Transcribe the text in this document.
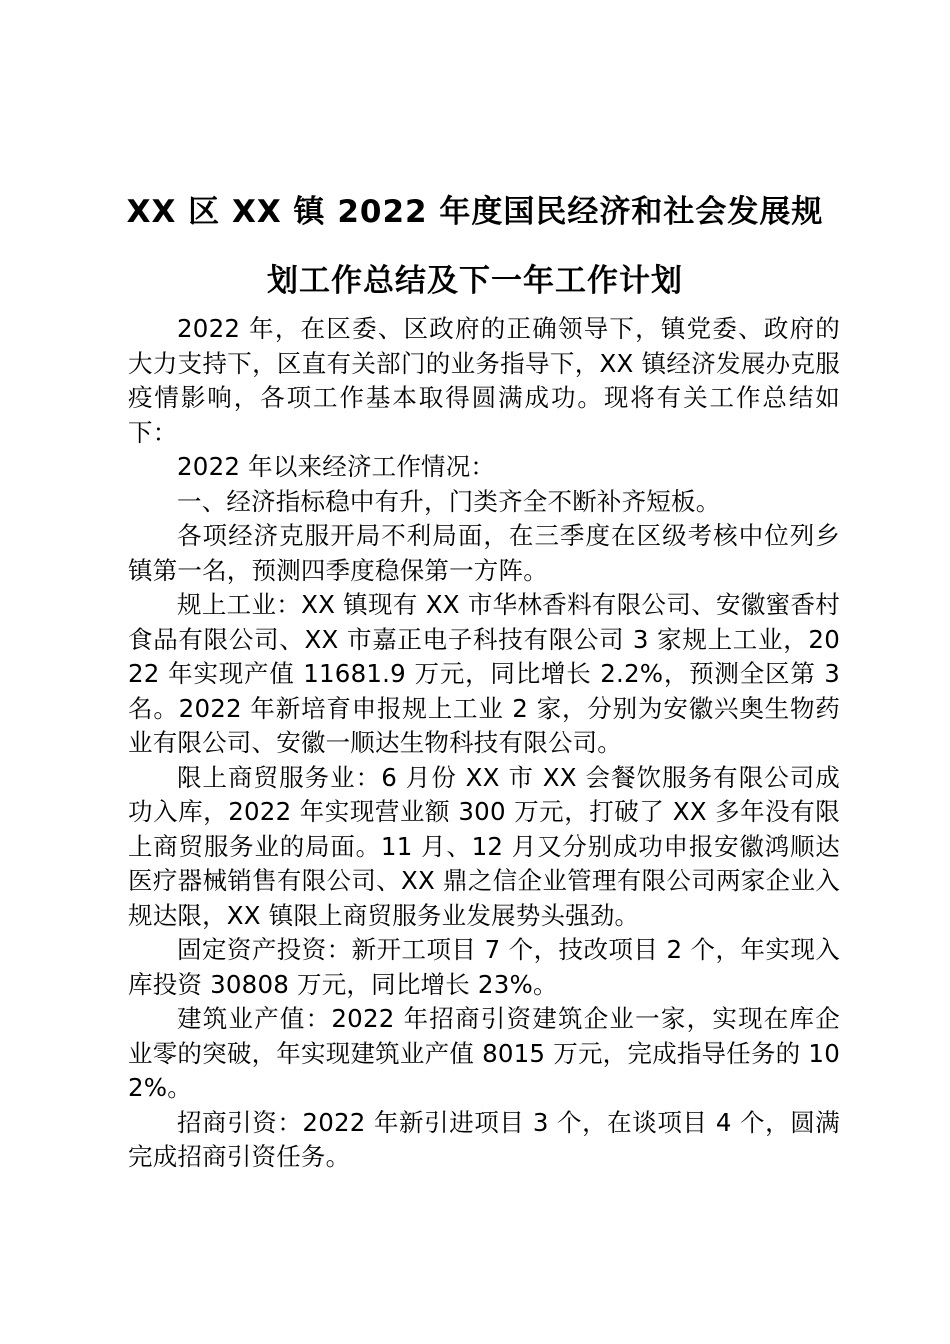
XX 区 XX 镇 2022 年度国民经济和社会发展规
划工作总结及下一年工作计划

2022 年，在区委、区政府的正确领导下，镇党委、政府的大力支持下，区直有关部门的业务指导下，XX 镇经济发展办克服疫情影响，各项工作基本取得圆满成功。现将有关工作总结如下：

2022 年以来经济工作情况：

一、经济指标稳中有升，门类齐全不断补齐短板。

各项经济克服开局不利局面，在三季度在区级考核中位列乡镇第一名，预测四季度稳保第一方阵。

规上工业：XX 镇现有 XX 市华林香料有限公司、安徽蜜香村食品有限公司、XX 市嘉正电子科技有限公司 3 家规上工业，2022 年实现产值 11681.9 万元，同比增长 2.2%，预测全区第 3 名。2022 年新培育申报规上工业 2 家，分别为安徽兴奥生物药业有限公司、安徽一顺达生物科技有限公司。

限上商贸服务业：6 月份 XX 市 XX 会餐饮服务有限公司成功入库，2022 年实现营业额 300 万元，打破了 XX 多年没有限上商贸服务业的局面。11 月、12 月又分别成功申报安徽鸿顺达医疗器械销售有限公司、XX 鼎之信企业管理有限公司两家企业入规达限，XX 镇限上商贸服务业发展势头强劲。

固定资产投资：新开工项目 7 个，技改项目 2 个，年实现入库投资 30808 万元，同比增长 23%。

建筑业产值：2022 年招商引资建筑企业一家，实现在库企业零的突破，年实现建筑业产值 8015 万元，完成指导任务的 102%。

招商引资：2022 年新引进项目 3 个，在谈项目 4 个，圆满完成招商引资任务。
